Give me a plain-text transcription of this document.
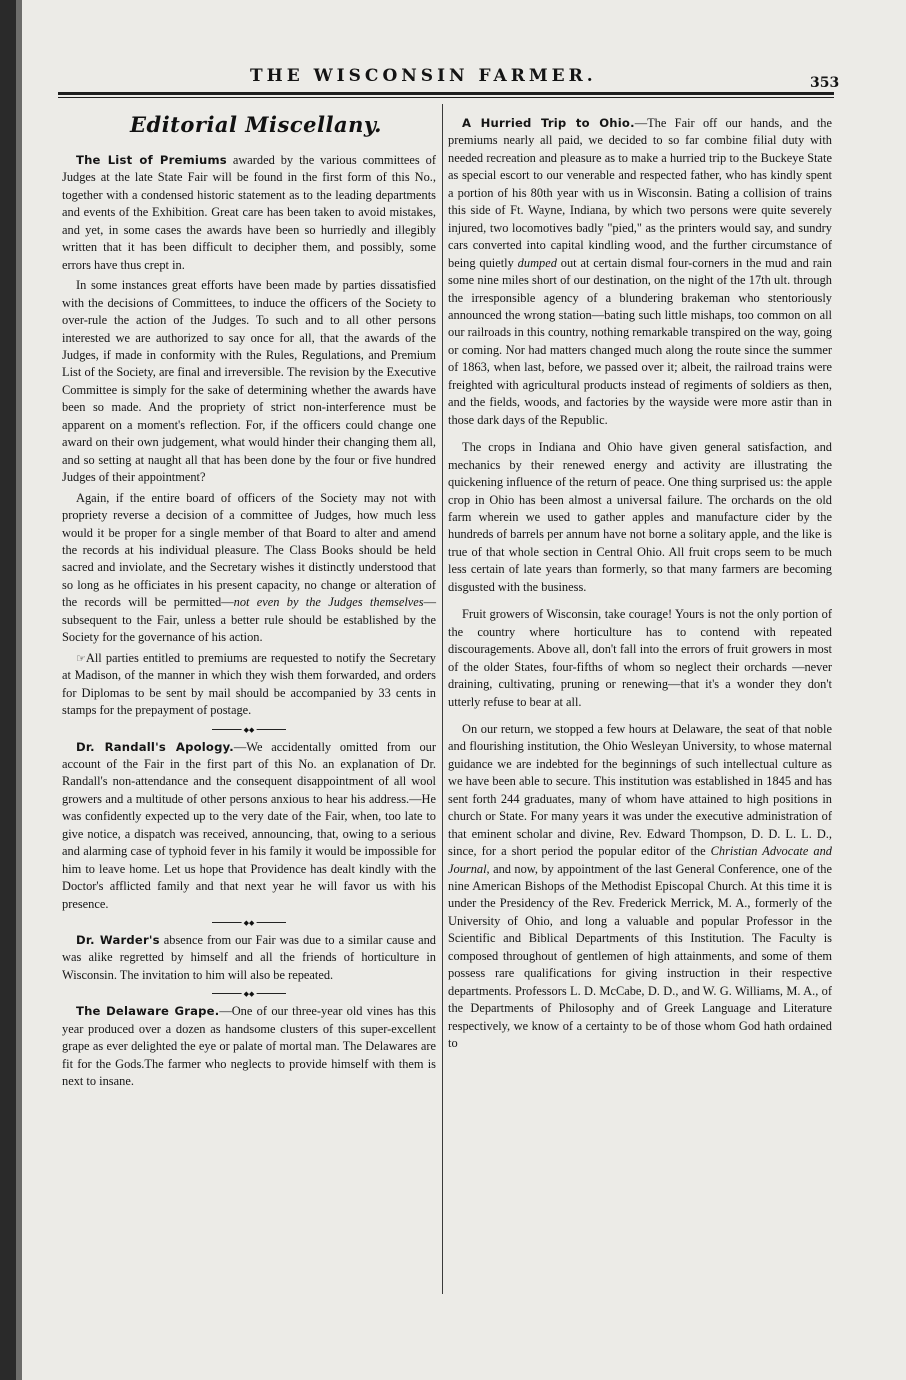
THE WISCONSIN FARMER.	353
Editorial Miscellany.

The List of Premiums awarded by the various committees of Judges at the late State Fair will be found in the first form of this No., together with a condensed historic statement as to the leading departments and events of the Exhibition. Great care has been taken to avoid mistakes, and yet, in some cases the awards have been so hurriedly and illegibly written that it has been difficult to decipher them, and possibly, some errors have thus crept in.

In some instances great efforts have been made by parties dissatisfied with the decisions of Committees, to induce the officers of the Society to over-rule the action of the Judges. To such and to all other persons interested we are authorized to say once for all, that the awards of the Judges, if made in conformity with the Rules, Regulations, and Premium List of the Society, are final and irreversible. The revision by the Executive Committee is simply for the sake of determining whether the awards have been so made. And the propriety of strict non-interference must be apparent on a moment's reflection. For, if the officers could change one award on their own judgement, what would hinder their changing them all, and so setting at naught all that has been done by the four or five hundred Judges of their appointment?

Again, if the entire board of officers of the Society may not with propriety reverse a decision of a committee of Judges, how much less would it be proper for a single member of that Board to alter and amend the records at his individual pleasure. The Class Books should be held sacred and inviolate, and the Secretary wishes it distinctly understood that so long as he officiates in his present capacity, no change or alteration of the records will be permitted—not even by the Judges themselves—subsequent to the Fair, unless a better rule should be established by the Society for the governance of his action.

☞All parties entitled to premiums are requested to notify the Secretary at Madison, of the manner in which they wish them forwarded, and orders for Diplomas to be sent by mail should be accompanied by 33 cents in stamps for the prepayment of postage.

◆◆

Dr. Randall's Apology.—We accidentally omitted from our account of the Fair in the first part of this No. an explanation of Dr. Randall's non-attendance and the consequent disappointment of all wool growers and a multitude of other persons anxious to hear his address.—He was confidently expected up to the very date of the Fair, when, too late to give notice, a dispatch was received, announcing, that, owing to a serious and alarming case of typhoid fever in his family it would be impossible for him to leave home. Let us hope that Providence has dealt kindly with the Doctor's afflicted family and that next year he will favor us with his presence.

◆◆

Dr. Warder's absence from our Fair was due to a similar cause and was alike regretted by himself and all the friends of horticulture in Wisconsin. The invitation to him will also be repeated.

◆◆

The Delaware Grape.—One of our three-year old vines has this year produced over a dozen as handsome clusters of this super-excellent grape as ever delighted the eye or palate of mortal man. The Delawares are fit for the Gods.The farmer who neglects to provide himself with them is next to insane.

A Hurried Trip to Ohio.—The Fair off our hands, and the premiums nearly all paid, we decided to so far combine filial duty with needed recreation and pleasure as to make a hurried trip to the Buckeye State as special escort to our venerable and respected father, who has kindly spent a portion of his 80th year with us in Wisconsin. Bating a collision of trains this side of Ft. Wayne, Indiana, by which two persons were quite severely injured, two locomotives badly "pied," as the printers would say, and sundry cars converted into capital kindling wood, and the further circumstance of being quietly dumped out at certain dismal four-corners in the mud and rain some nine miles short of our destination, on the night of the 17th ult. through the irresponsible agency of a blundering brakeman who stentoriously announced the wrong station—bating such little mishaps, too common on all our railroads in this country, nothing remarkable transpired on the way, going or coming. Nor had matters changed much along the route since the summer of 1863, when last, before, we passed over it; albeit, the railroad trains were freighted with agricultural products instead of regiments of soldiers as then, and the fields, woods, and factories by the wayside were more astir than in those dark days of the Republic.

The crops in Indiana and Ohio have given general satisfaction, and mechanics by their renewed energy and activity are illustrating the quickening influence of the return of peace. One thing surprised us: the apple crop in Ohio has been almost a universal failure. The orchards on the old farm wherein we used to gather apples and manufacture cider by the hundreds of barrels per annum have not borne a solitary apple, and the like is true of that whole section in Central Ohio. All fruit crops seem to be much less certain of late years than formerly, so that many farmers are becoming disgusted with the business.

Fruit growers of Wisconsin, take courage! Yours is not the only portion of the country where horticulture has to contend with repeated discouragements. Above all, don't fall into the errors of fruit growers in most of the older States, four-fifths of whom so neglect their orchards —never draining, cultivating, pruning or renewing—that it's a wonder they don't utterly refuse to bear at all.

On our return, we stopped a few hours at Delaware, the seat of that noble and flourishing institution, the Ohio Wesleyan University, to whose maternal guidance we are indebted for the beginnings of such intellectual culture as we have been able to secure. This institution was established in 1845 and has sent forth 244 graduates, many of whom have attained to high positions in church or State. For many years it was under the executive administration of that eminent scholar and divine, Rev. Edward Thompson, D. D. L. L. D., since, for a short period the popular editor of the Christian Advocate and Journal, and now, by appointment of the last General Conference, one of the nine American Bishops of the Methodist Episcopal Church. At this time it is under the Presidency of the Rev. Frederick Merrick, M. A., formerly of the University of Ohio, and long a valuable and popular Professor in the Scientific and Biblical Departments of this Institution. The Faculty is composed throughout of gentlemen of high attainments, and some of them possess rare qualifications for giving instruction in their respective departments. Professors L. D. McCabe, D. D., and W. G. Williams, M. A., of the Departments of Philosophy and of Greek Language and Literature respectively, we know of a certainty to be of those whom God hath ordained to
